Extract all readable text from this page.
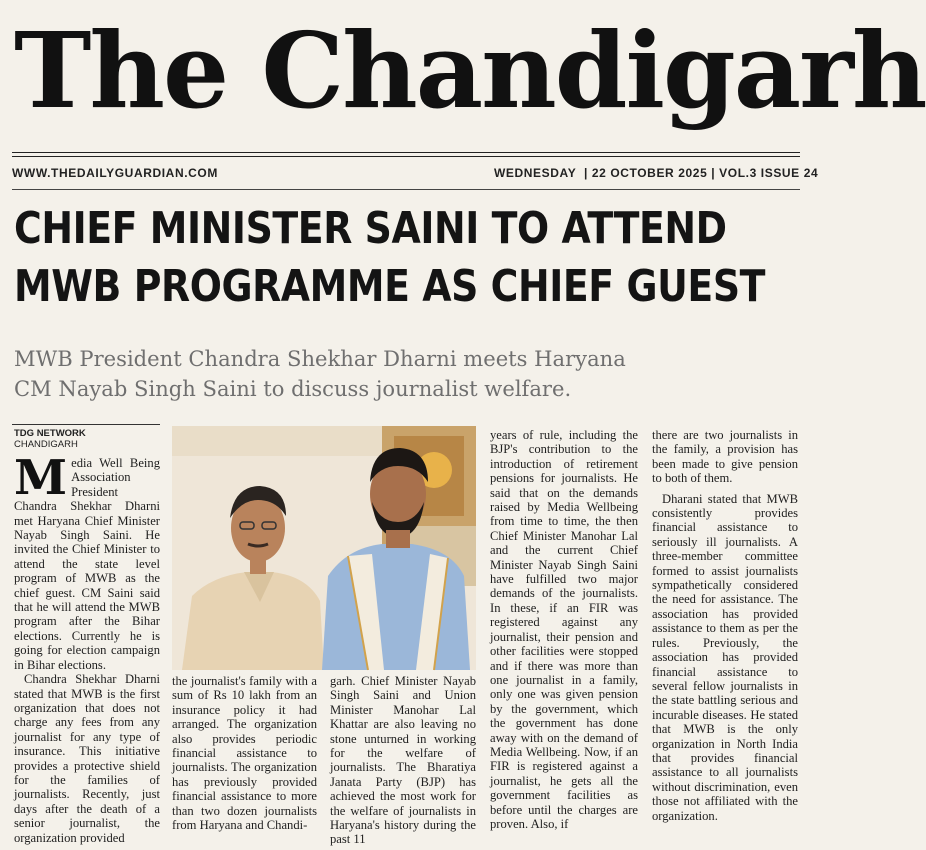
The Chandigarh
WWW.THEDAILYGUARDIAN.COM	WEDNESDAY  | 22 OCTOBER 2025 | VOL.3 ISSUE 24
CHIEF MINISTER SAINI TO ATTEND
MWB PROGRAMME AS CHIEF GUEST
MWB President Chandra Shekhar Dharni meets Haryana
CM Nayab Singh Saini to discuss journalist welfare.
TDG NETWORK
CHANDIGARH

Media Well Being Association President Chandra Shekhar Dharni met Haryana Chief Minister Nayab Singh Saini. He invited the Chief Minister to attend the state level program of MWB as the chief guest. CM Saini said that he will attend the MWB program after the Bihar elections. Currently he is going for election campaign in Bihar elections.

Chandra Shekhar Dharni stated that MWB is the first organization that does not charge any fees from any journalist for any type of insurance. This initiative provides a protective shield for the families of journalists. Recently, just days after the death of a senior journalist, the organization provided

the journalist's family with a sum of Rs 10 lakh from an insurance policy it had arranged. The organization also provides periodic financial assistance to journalists. The organization has previously provided financial assistance to more than two dozen journalists from Haryana and Chandi-

garh. Chief Minister Nayab Singh Saini and Union Minister Manohar Lal Khattar are also leaving no stone unturned in working for the welfare of journalists. The Bharatiya Janata Party (BJP) has achieved the most work for the welfare of journalists in Haryana's history during the past 11

years of rule, including the BJP's contribution to the introduction of retirement pensions for journalists. He said that on the demands raised by Media Wellbeing from time to time, the then Chief Minister Manohar Lal and the current Chief Minister Nayab Singh Saini have fulfilled two major demands of the journalists. In these, if an FIR was registered against any journalist, their pension and other facilities were stopped and if there was more than one journalist in a family, only one was given pension by the government, which the government has done away with on the demand of Media Wellbeing. Now, if an FIR is registered against a journalist, he gets all the government facilities as before until the charges are proven. Also, if

there are two journalists in the family, a provision has been made to give pension to both of them.

Dharani stated that MWB consistently provides financial assistance to seriously ill journalists. A three-member committee formed to assist journalists sympathetically considered the need for assistance. The association has provided assistance to them as per the rules. Previously, the association has provided financial assistance to several fellow journalists in the state battling serious and incurable diseases. He stated that MWB is the only organization in North India that provides financial assistance to all journalists without discrimination, even those not affiliated with the organization.
